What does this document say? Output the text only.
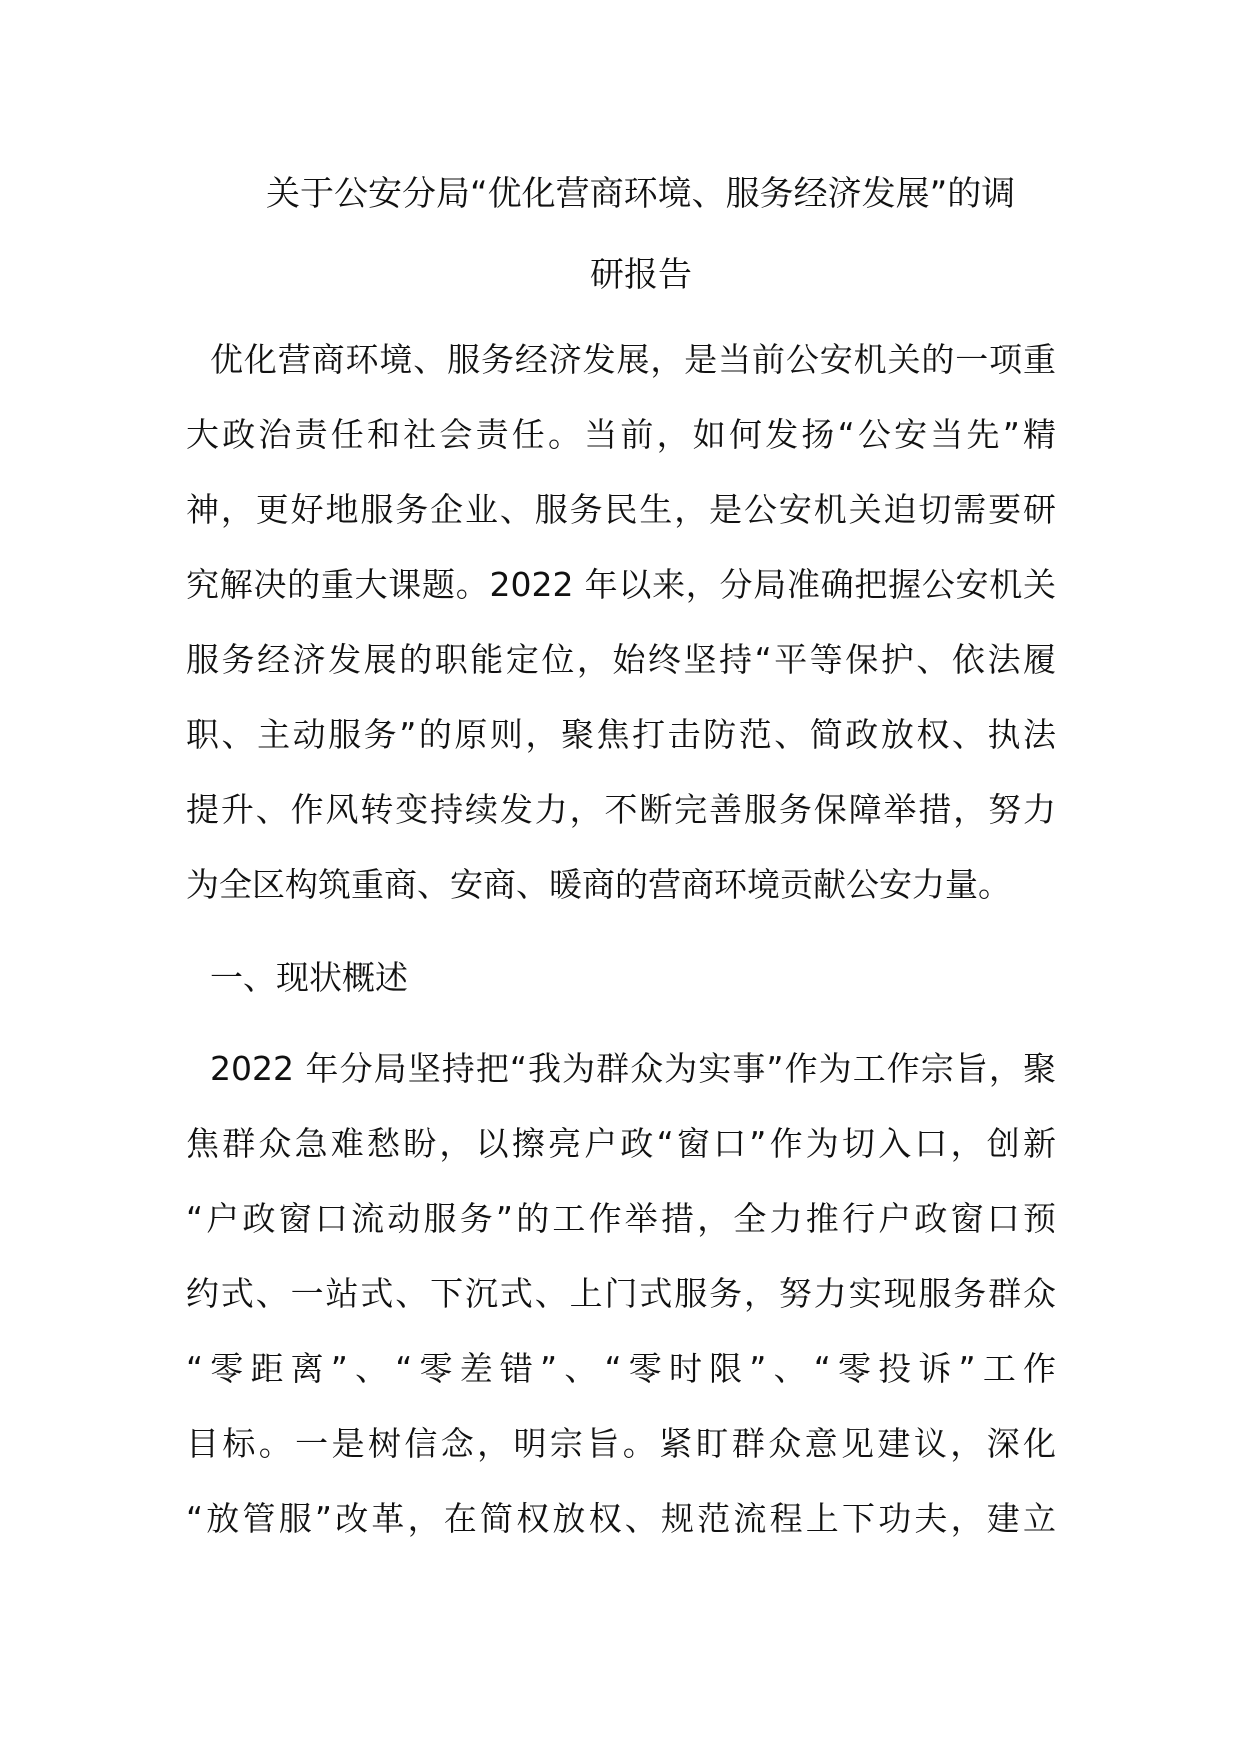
关于公安分局“优化营商环境、服务经济发展”的调
研报告
优化营商环境、服务经济发展，是当前公安机关的一项重
大政治责任和社会责任。当前，如何发扬“公安当先”精
神，更好地服务企业、服务民生，是公安机关迫切需要研
究解决的重大课题。2022 年以来，分局准确把握公安机关
服务经济发展的职能定位，始终坚持“平等保护、依法履
职、主动服务”的原则，聚焦打击防范、简政放权、执法
提升、作风转变持续发力，不断完善服务保障举措，努力
为全区构筑重商、安商、暖商的营商环境贡献公安力量。
一、现状概述
2022 年分局坚持把“我为群众为实事”作为工作宗旨，聚
焦群众急难愁盼，以擦亮户政“窗口”作为切入口，创新
“户政窗口流动服务”的工作举措，全力推行户政窗口预
约式、一站式、下沉式、上门式服务，努力实现服务群众
“零距离”、“零差错”、“零时限”、“零投诉”工作
目标。一是树信念，明宗旨。紧盯群众意见建议，深化
“放管服”改革，在简权放权、规范流程上下功夫，建立
